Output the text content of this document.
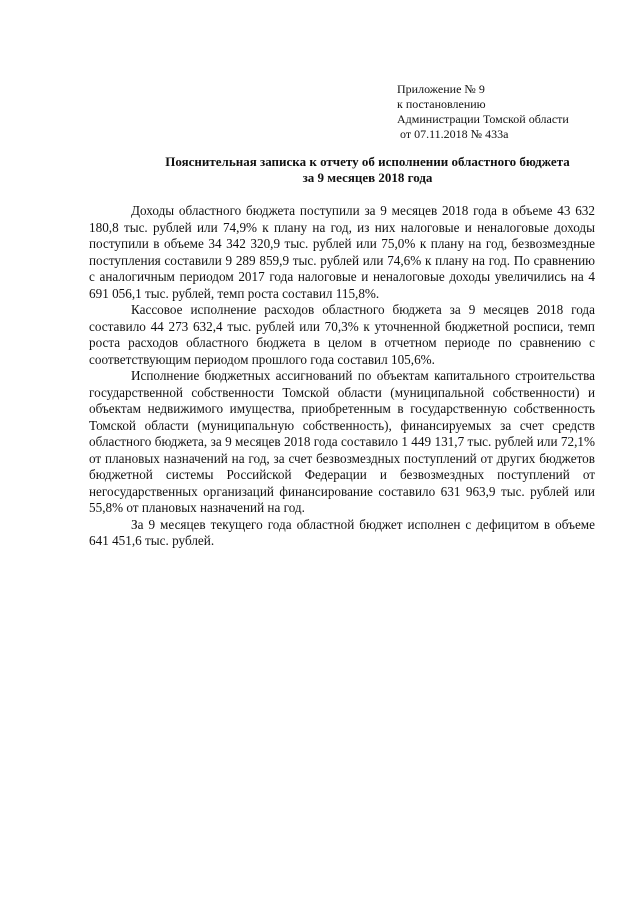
Приложение № 9
к постановлению
Администрации Томской области
от 07.11.2018 № 433а
Пояснительная записка к отчету об исполнении областного бюджета
за 9 месяцев 2018 года

Доходы областного бюджета поступили за 9 месяцев 2018 года в объеме 43 632 180,8 тыс. рублей или 74,9% к плану на год, из них налоговые и неналоговые доходы поступили в объеме 34 342 320,9 тыс. рублей или 75,0% к плану на год, безвозмездные поступления составили 9 289 859,9 тыс. рублей или 74,6% к плану на год. По сравнению с аналогичным периодом 2017 года налоговые и неналоговые доходы увеличились на 4 691 056,1 тыс. рублей, темп роста составил 115,8%.

Кассовое исполнение расходов областного бюджета за 9 месяцев 2018 года составило 44 273 632,4 тыс. рублей или 70,3% к уточненной бюджетной росписи, темп роста расходов областного бюджета в целом в отчетном периоде по сравнению с соответствующим периодом прошлого года составил 105,6%.

Исполнение бюджетных ассигнований по объектам капитального строительства государственной собственности Томской области (муниципальной собственности) и объектам недвижимого имущества, приобретенным в государственную собственность Томской области (муниципальную собственность), финансируемых за счет средств областного бюджета, за 9 месяцев 2018 года составило 1 449 131,7 тыс. рублей или 72,1% от плановых назначений на год, за счет безвозмездных поступлений от других бюджетов бюджетной системы Российской Федерации и безвозмездных поступлений от негосударственных организаций финансирование составило 631 963,9 тыс. рублей или 55,8% от плановых назначений на год.

За 9 месяцев текущего года областной бюджет исполнен с дефицитом в объеме 641 451,6 тыс. рублей.
